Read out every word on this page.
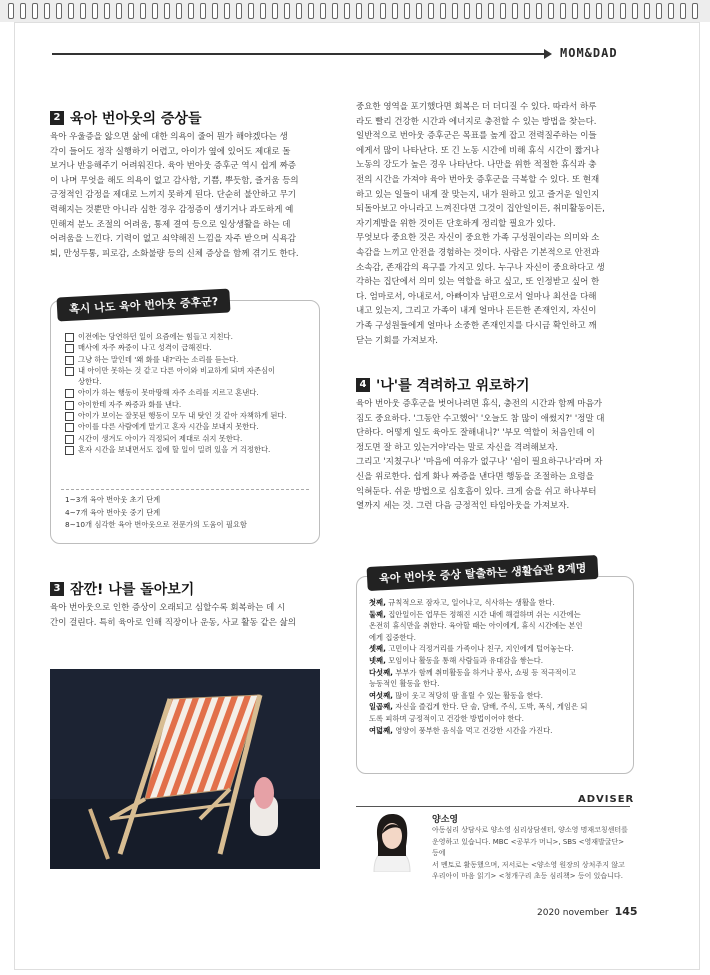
MOM&DAD
2 육아 번아웃의 증상들

육아 우울증을 앓으면 삶에 대한 의욕이 줄어 뭔가 해야겠다는 생

각이 들어도 정작 실행하기 어렵고, 아이가 옆에 있어도 제대로 돌

보거나 반응해주기 어려워진다. 육아 번아웃 증후군 역시 쉽게 짜증

이 나며 무엇을 해도 의욕이 없고 감사함, 기쁨, 뿌듯함, 즐거움 등의

긍정적인 감정을 제대로 느끼지 못하게 된다. 단순히 불안하고 무기

력해지는 것뿐만 아니라 심한 경우 감정증이 생기거나 과도하게 예

민해져 분노 조절의 어려움, 통제 결여 등으로 일상생활을 하는 데

어려움을 느낀다. 기력이 없고 쇠약해진 느낌을 자주 받으며 식욕감

퇴, 만성두통, 피로감, 소화불량 등의 신체 증상을 함께 겪기도 한다.

혹시 나도 육아 번아웃 증후군?
이전에는 당연하던 일이 요즘에는 힘들고 지친다.
매사에 자주 짜증이 나고 성격이 급해진다.
그냥 하는 말인데 '왜 화를 내?'라는 소리를 듣는다.
내 아이만 못하는 것 같고 다른 아이와 비교하게 되며 자존심이
상한다.
아이가 하는 행동이 못마땅해 자주 소리를 지르고 혼낸다.
아이한테 자주 짜증과 화를 낸다.
아이가 보이는 잘못된 행동이 모두 내 탓인 것 같아 자책하게 된다.
아이를 다른 사람에게 맡기고 혼자 시간을 보내지 못한다.
시간이 생겨도 아이가 걱정되어 제대로 쉬지 못한다.
혼자 시간을 보내면서도 집에 할 일이 밀려 있을 거 걱정한다.
1~3개 육아 번아웃 초기 단계
4~7개 육아 번아웃 중기 단계
8~10개 심각한 육아 번아웃으로 전문가의 도움이 필요함
3 잠깐! 나를 돌아보기

육아 번아웃으로 인한 증상이 오래되고 심할수록 회복하는 데 시

간이 걸린다. 특히 육아로 인해 직장이나 운동, 사교 활동 같은 삶의

중요한 영역을 포기했다면 회복은 더 더디질 수 있다. 따라서 하루

라도 빨리 건강한 시간과 에너지로 충전할 수 있는 방법을 찾는다.

일반적으로 번아웃 증후군은 목표를 높게 잡고 전력질주하는 이들

에게서 많이 나타난다. 또 긴 노동 시간에 비해 휴식 시간이 짧거나

노동의 강도가 높은 경우 나타난다. 나만을 위한 적절한 휴식과 충

전의 시간을 가져야 육아 번아웃 증후군을 극복할 수 있다. 또 현재

하고 있는 일들이 내게 잘 맞는지, 내가 원하고 있고 즐거운 일인지

되돌아보고 아니라고 느껴진다면 그것이 집안일이든, 취미활동이든,

자기계발을 위한 것이든 단호하게 정리할 필요가 있다.

무엇보다 중요한 것은 자신이 중요한 가족 구성원이라는 의미와 소

속감을 느끼고 안전을 경험하는 것이다. 사람은 기본적으로 안전과

소속감, 존재감의 욕구를 가지고 있다. 누구나 자신이 중요하다고 생

각하는 집단에서 의미 있는 역할을 하고 싶고, 또 인정받고 싶어 한

다. 엄마로서, 아내로서, 아빠이자 남편으로서 얼마나 최선을 다해

내고 있는지, 그리고 가족이 내게 얼마나 든든한 존재인지, 자신이

가족 구성원들에게 얼마나 소중한 존재인지를 다시금 확인하고 깨

닫는 기회를 가져보자.

4 '나'를 격려하고 위로하기

육아 번아웃 증후군을 벗어나려면 휴식, 충전의 시간과 함께 마음가

짐도 중요하다. '그동안 수고했어' '오늘도 참 많이 애썼지?' '정말 대

단하다. 어떻게 일도 육아도 잘해내니?' '부모 역할이 처음인데 이

정도면 잘 하고 있는거야'라는 말로 자신을 격려해보자.

그리고 '지쳤구나' '마음에 여유가 없구나' '쉼이 필요하구나'라며 자

신을 위로한다. 쉽게 화나 짜증을 낸다면 행동을 조절하는 요령을

익혀둔다. 쉬운 방법으로 심호흡이 있다. 크게 숨을 쉬고 하나부터

열까지 세는 것. 그런 다음 긍정적인 타임아웃을 가져보자.

육아 번아웃 증상 탈출하는 생활습관 8계명
첫째, 규칙적으로 잠자고, 일어나고, 식사하는 생활을 한다.
둘째, 집안일이든 업무든 정해진 시간 내에 해결하며 쉬는 시간에는
온전히 휴식만을 취한다. 육아할 때는 아이에게, 휴식 시간에는 본인
에게 집중한다.
셋째, 고민이나 걱정거리를 가족이나 친구, 지인에게 털어놓는다.
넷째, 모임이나 활동을 통해 사람들과 유대감을 쌓는다.
다섯째, 부부가 함께 취미활동을 하거나 봉사, 쇼핑 등 적극적이고
능동적인 활동을 한다.
여섯째, 많이 웃고 적당히 땀 흘릴 수 있는 활동을 한다.
일곱째, 자신을 즐겁게 한다. 단 술, 담배, 주식, 도박, 폭식, 게임은 되
도록 피하며 긍정적이고 건강한 방법이어야 한다.
여덟째, 영양이 풍부한 음식을 먹고 건강한 시간을 가진다.
ADVISER
양소영
아동심리 상담사로 양소영 심리상담센터, 양소영 명재코칭센터를
운영하고 있습니다. MBC <공부가 머니>, SBS <영재발굴단> 등에
서 멘토로 활동했으며, 저서로는 <양소영 원장의 상처주지 않고
우리아이 마음 읽기> <청개구리 초등 심리책> 등이 있습니다.
2020 november 145
